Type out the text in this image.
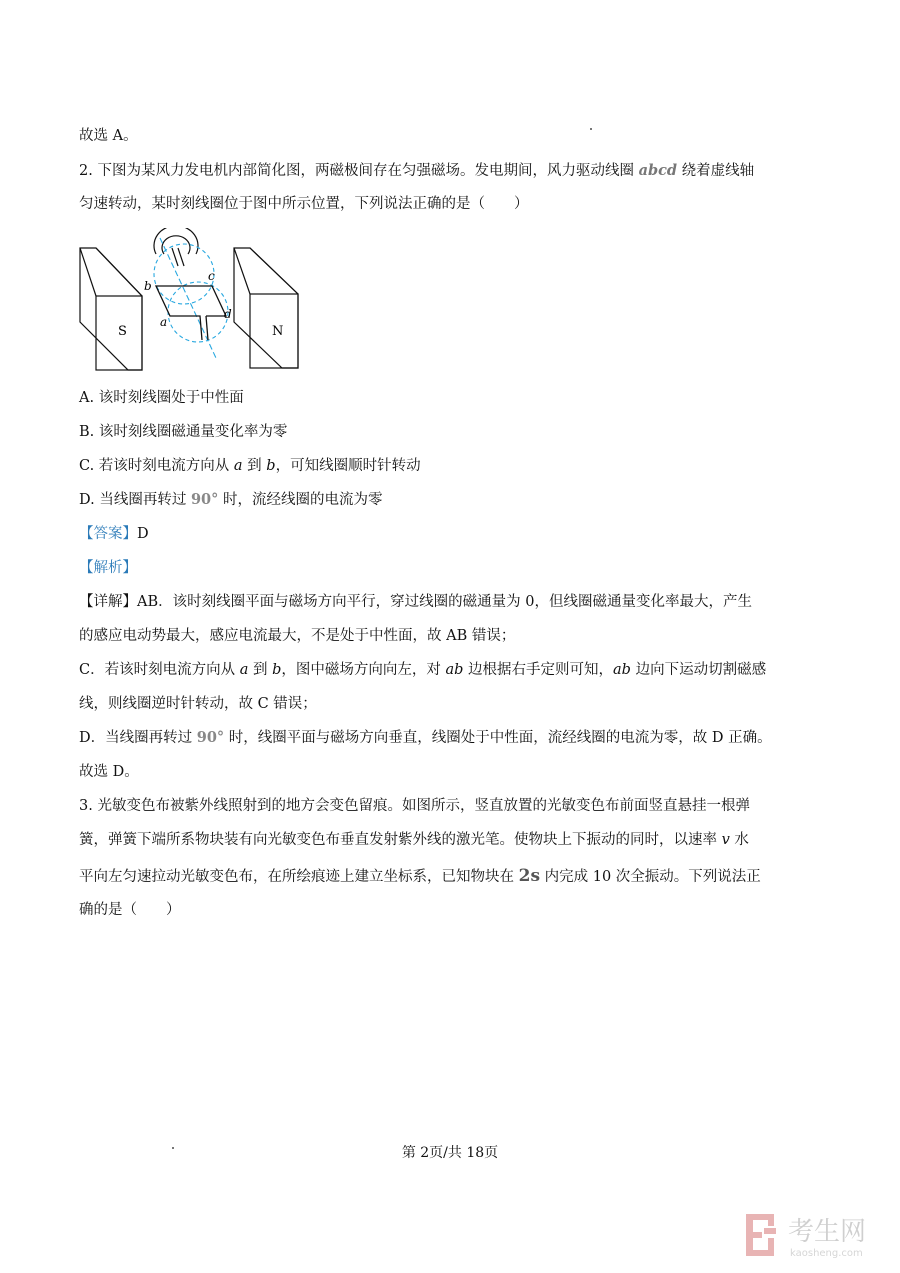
故选 A。
2. 下图为某风力发电机内部简化图，两磁极间存在匀强磁场。发电期间，风力驱动线圈 abcd 绕着虚线轴
匀速转动，某时刻线圈位于图中所示位置，下列说法正确的是（　　）
S	N
b
c
a
d
A. 该时刻线圈处于中性面
B. 该时刻线圈磁通量变化率为零
C. 若该时刻电流方向从 a 到 b，可知线圈顺时针转动
D. 当线圈再转过 90° 时，流经线圈的电流为零
【答案】D
【解析】
【详解】AB．该时刻线圈平面与磁场方向平行，穿过线圈的磁通量为 0，但线圈磁通量变化率最大，产生
的感应电动势最大，感应电流最大，不是处于中性面，故 AB 错误；
C．若该时刻电流方向从 a 到 b，图中磁场方向向左，对 ab 边根据右手定则可知，ab 边向下运动切割磁感
线，则线圈逆时针转动，故 C 错误；
D．当线圈再转过 90° 时，线圈平面与磁场方向垂直，线圈处于中性面，流经线圈的电流为零，故 D 正确。
故选 D。
3. 光敏变色布被紫外线照射到的地方会变色留痕。如图所示，竖直放置的光敏变色布前面竖直悬挂一根弹
簧，弹簧下端所系物块装有向光敏变色布垂直发射紫外线的激光笔。使物块上下振动的同时，以速率 v 水
平向左匀速拉动光敏变色布，在所绘痕迹上建立坐标系，已知物块在 2s 内完成 10 次全振动。下列说法正
确的是（　　）
第 2页/共 18页
考生网
kaosheng.com
